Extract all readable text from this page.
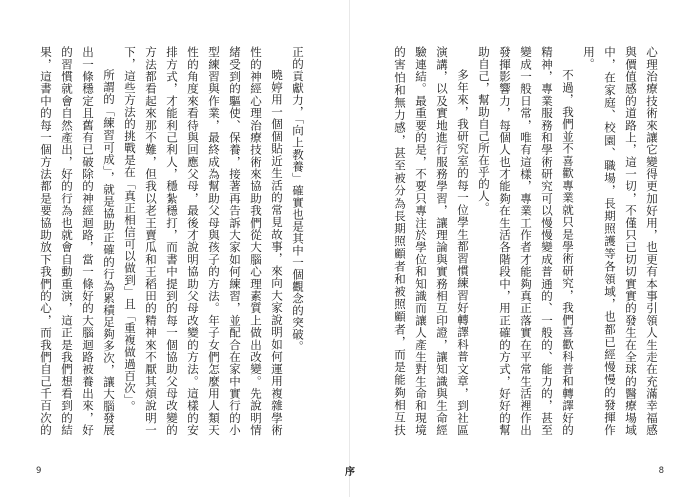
正的貢獻力，「向上教養」確實也是其中一個觀念的突破。

曉婷用一個個貼近生活的常見故事，來向大家說明如何運用複雜學術性的神經心理治療技術來協助我們從大腦心理素質上做出改變。先說明情緒受到的驅使、保養，接著再告訴大家如何練習，並配合在家中實行的小型練習與作業，最終成為幫助父母與孩子的方法。年子女們怎麼用人類天性的角度來看待與回應父母，最後才說明協助父母改變的方法。這樣的安排方式，才能利己利人，穩紮穩打，而書中提到的每一個協助父母改變的方法都看起來那不難，但我以老王賣瓜和王稻田的精神來不厭其煩說明一下，這些方法的挑戰是在「真正相信可以做到」且「重複做過百次」。

所謂的「練習可成」，就是協助正確的行為累積足夠多次，讓大腦發展出一條穩定且舊有已破除的神經迴路，當一條好的大腦迴路被養出來，好的習慣就會自然產出，好的行為也就會自動重演，這正是我們想看到的結果，這書中的每一個方法都是要協助放下我們的心，而我們自己千百次的

9

心理治療技術來讓它變得更加好用，也更有本事引領人生走在充滿幸福感與價值感的道路上，這一切，不僅只已切切實實的發生在全球的醫療場域中，在家庭、校園、職場，長期照護等各領域，也都已經慢慢的發揮作用。

不過，我們並不喜歡專業就只是學術研究，我們喜歡科普和轉譯好的精神，專業服務和學術研究可以慢慢變成普通的、一般的、能力的，甚至變成一般日常，唯有這樣，專業工作者才能夠真正落實在平常生活裡作出發揮影響力，每個人也才能夠在生活各階段中，用正確的方式，好好的幫助自己，幫助自己所在乎的人。

多年來，我研究室的每一位學生都習慣練習好轉譯科普文章，到社區演講，以及實地進行服務學習，讓理論與實務相互印證，讓知識與生命經驗連結。最重要的是，不要只專注於學位和知識而讓人產生對生命和現境的害怕和無力感，甚至被分為長期照顧者和被照顧者，而是能夠相互扶

8
序
